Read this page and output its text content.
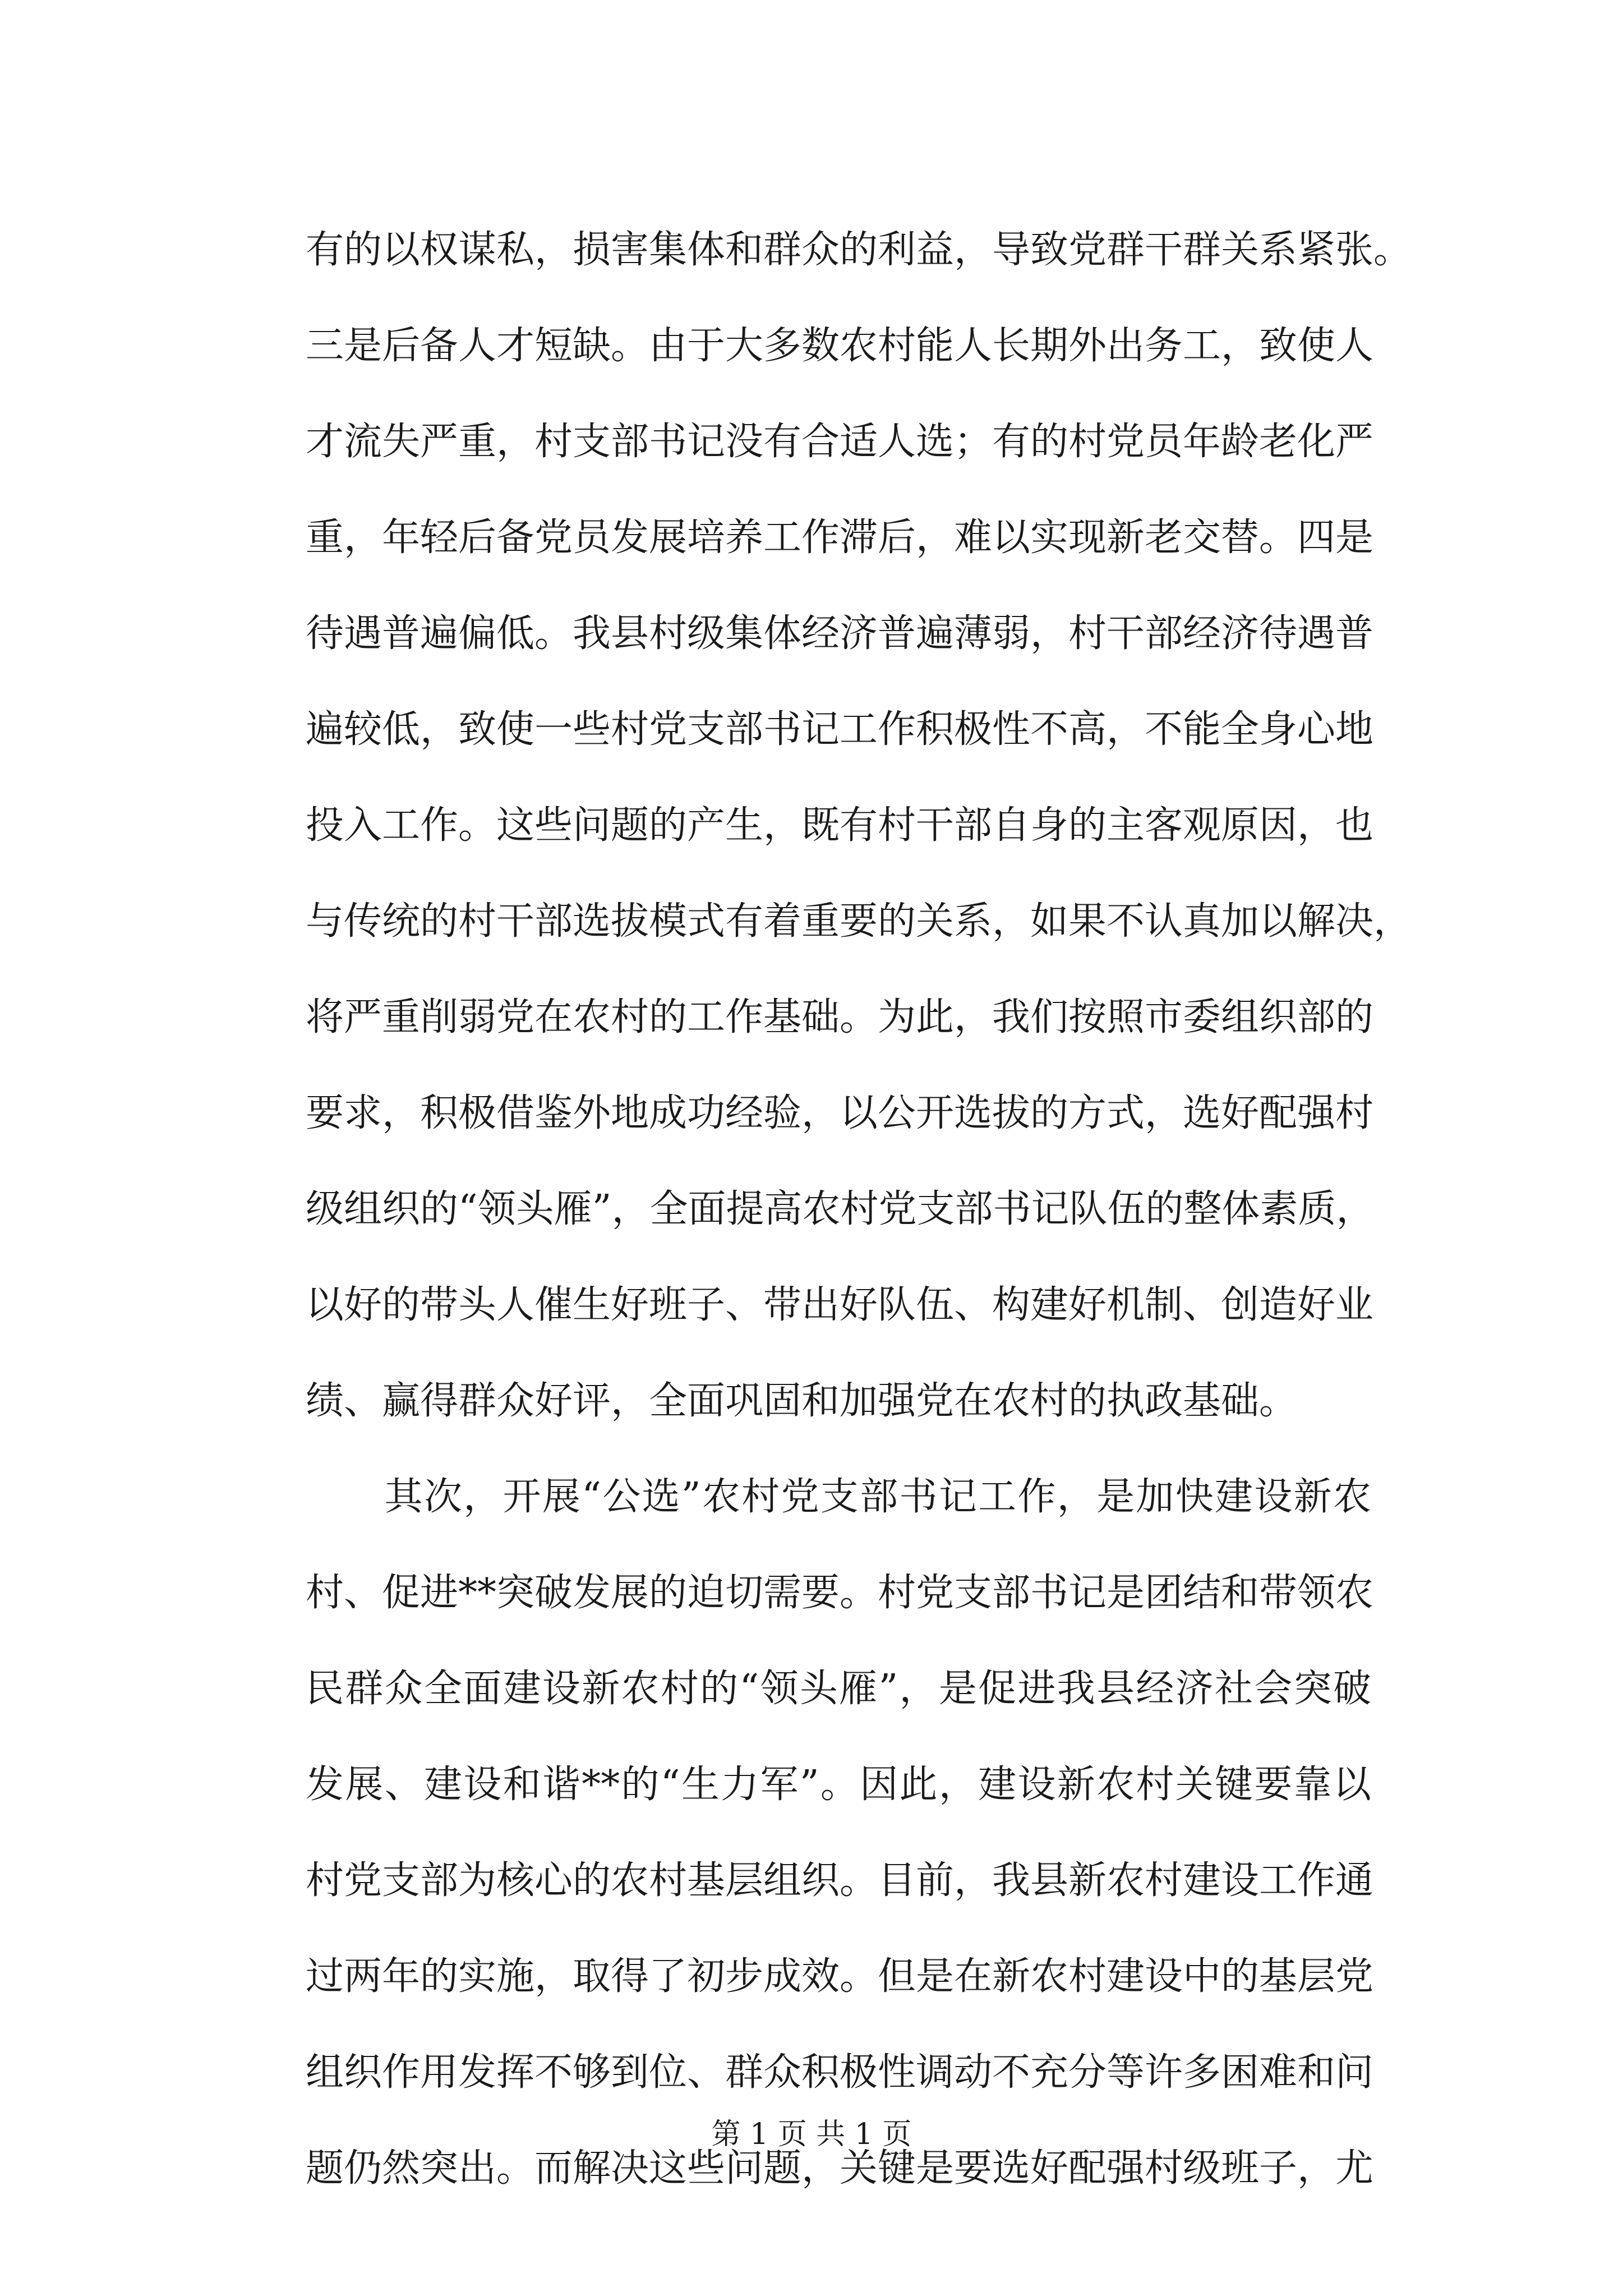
有的以权谋私，损害集体和群众的利益，导致党群干群关系紧张。
三是后备人才短缺。由于大多数农村能人长期外出务工，致使人
才流失严重，村支部书记没有合适人选；有的村党员年龄老化严
重，年轻后备党员发展培养工作滞后，难以实现新老交替。四是
待遇普遍偏低。我县村级集体经济普遍薄弱，村干部经济待遇普
遍较低，致使一些村党支部书记工作积极性不高，不能全身心地
投入工作。这些问题的产生，既有村干部自身的主客观原因，也
与传统的村干部选拔模式有着重要的关系，如果不认真加以解决，
将严重削弱党在农村的工作基础。为此，我们按照市委组织部的
要求，积极借鉴外地成功经验，以公开选拔的方式，选好配强村
级组织的“领头雁”，全面提高农村党支部书记队伍的整体素质，
以好的带头人催生好班子、带出好队伍、构建好机制、创造好业
绩、赢得群众好评，全面巩固和加强党在农村的执政基础。
　　其次，开展“公选”农村党支部书记工作，是加快建设新农
村、促进**突破发展的迫切需要。村党支部书记是团结和带领农
民群众全面建设新农村的“领头雁”，是促进我县经济社会突破
发展、建设和谐**的“生力军”。因此，建设新农村关键要靠以
村党支部为核心的农村基层组织。目前，我县新农村建设工作通
过两年的实施，取得了初步成效。但是在新农村建设中的基层党
组织作用发挥不够到位、群众积极性调动不充分等许多困难和问
题仍然突出。而解决这些问题，关键是要选好配强村级班子，尤
第 1 页 共 1 页
